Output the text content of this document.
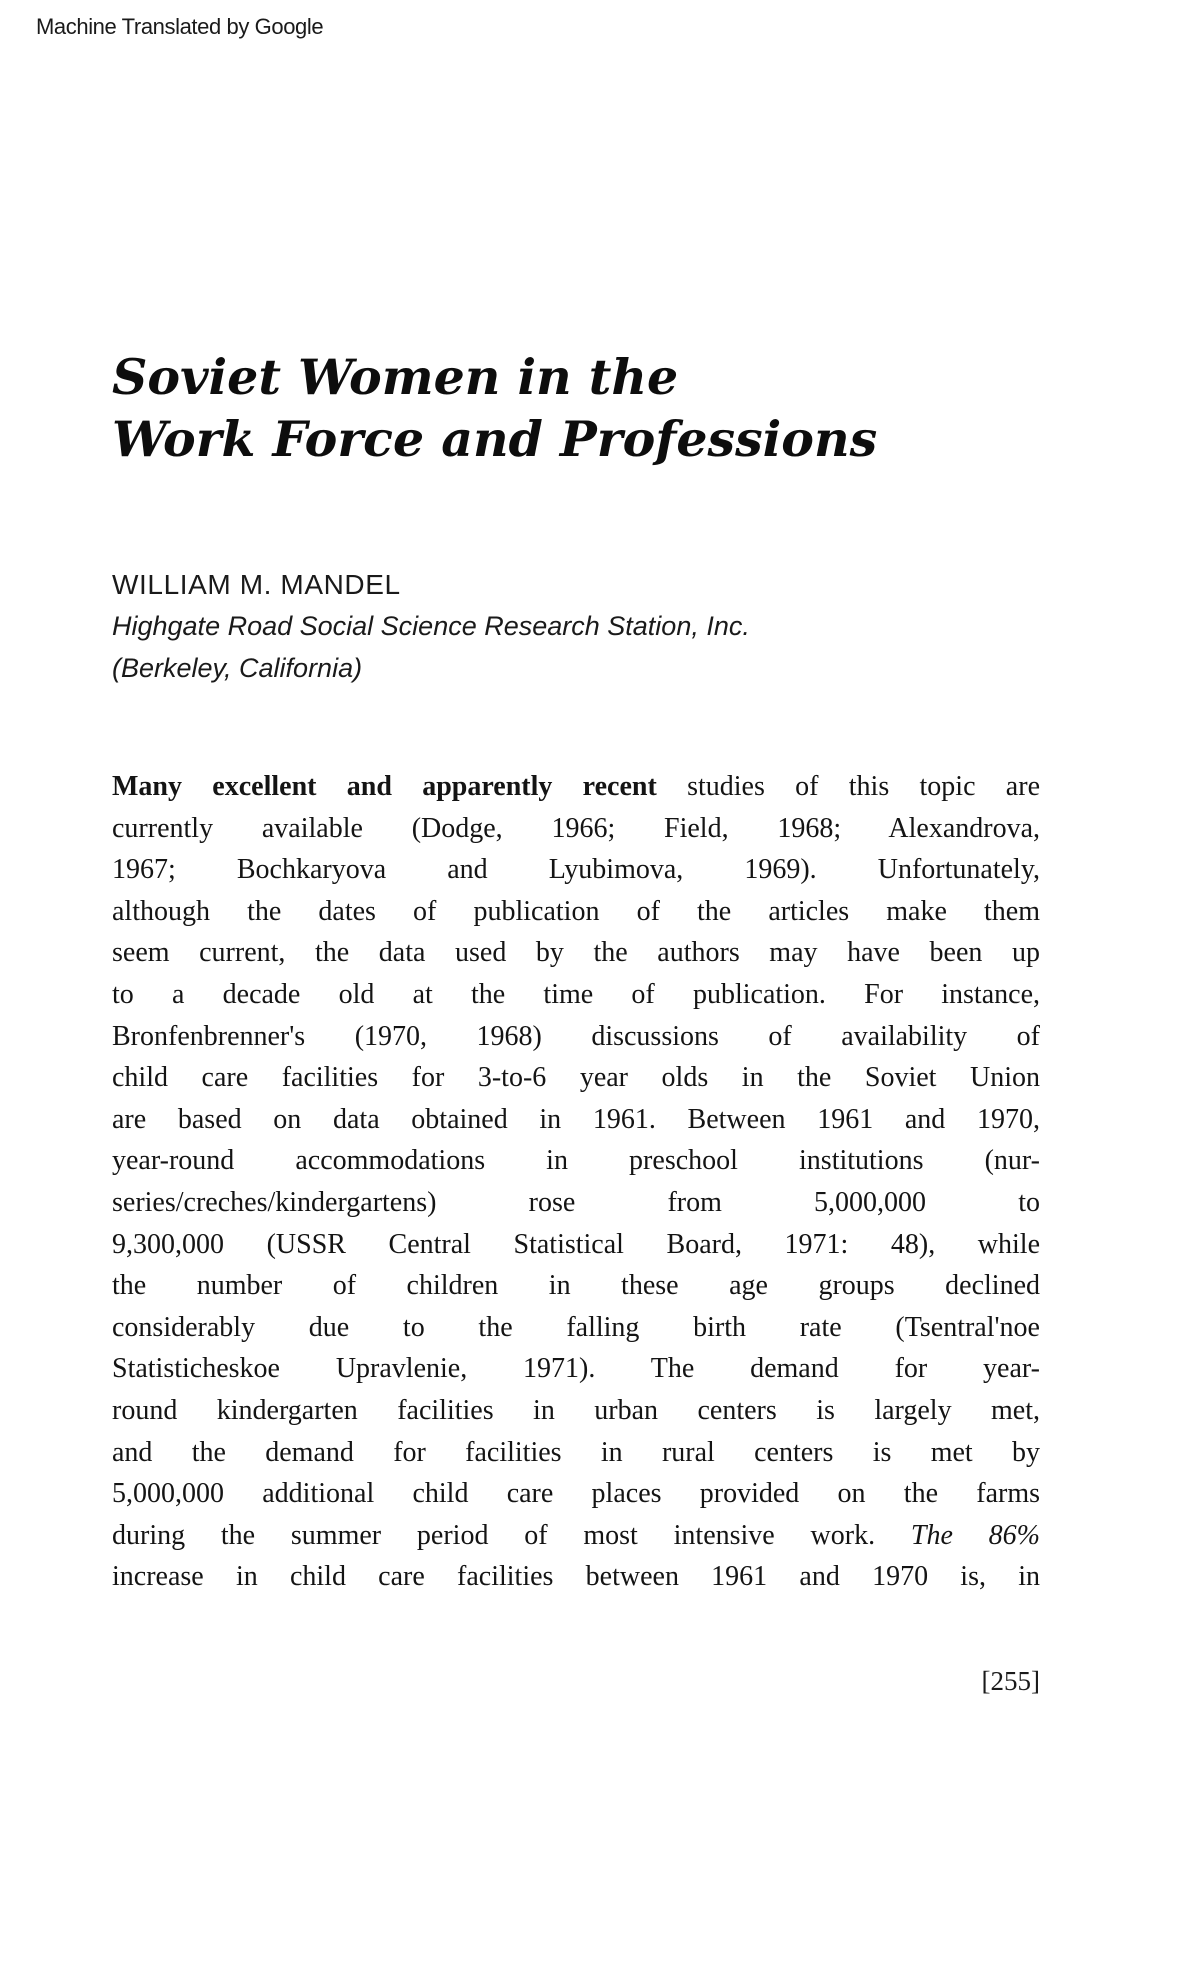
Machine Translated by Google
Soviet Women in the
Work Force and Professions
WILLIAM M. MANDEL
Highgate Road Social Science Research Station, Inc.
(Berkeley, California)
Many excellent and apparently recent studies of this topic are
currently available (Dodge, 1966; Field, 1968; Alexandrova,
1967; Bochkaryova and Lyubimova, 1969). Unfortunately,
although the dates of publication of the articles make them
seem current, the data used by the authors may have been up
to a decade old at the time of publication. For instance,
Bronfenbrenner's (1970, 1968) discussions of availability of
child care facilities for 3-to-6 year olds in the Soviet Union
are based on data obtained in 1961. Between 1961 and 1970,
year-round accommodations in preschool institutions (nur-
series/creches/kindergartens) rose from 5,000,000 to
9,300,000 (USSR Central Statistical Board, 1971: 48), while
the number of children in these age groups declined
considerably due to the falling birth rate (Tsentral'noe
Statisticheskoe Upravlenie, 1971). The demand for year-
round kindergarten facilities in urban centers is largely met,
and the demand for facilities in rural centers is met by
5,000,000 additional child care places provided on the farms
during the summer period of most intensive work. The 86%
increase in child care facilities between 1961 and 1970 is, in
[255]
